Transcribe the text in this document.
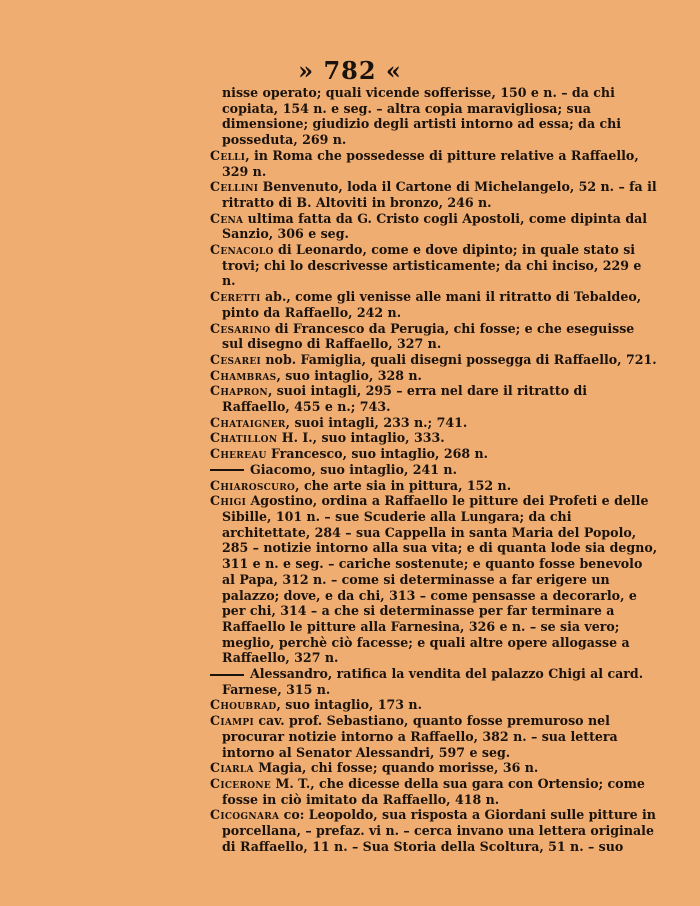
» 782 «
nisse operato; quali vicende sofferisse, 150 e n. – da chi copiata, 154 n. e seg. – altra copia maravigliosa; sua dimensione; giudizio degli artisti intorno ad essa; da chi posseduta, 269 n.
Celli, in Roma che possedesse di pitture relative a Raffaello, 329 n.
Cellini Benvenuto, loda il Cartone di Michelangelo, 52 n. – fa il ritratto di B. Altoviti in bronzo, 246 n.
Cena ultima fatta da G. Cristo cogli Apostoli, come dipinta dal Sanzio, 306 e seg.
Cenacolo di Leonardo, come e dove dipinto; in quale stato si trovi; chi lo descrivesse artisticamente; da chi inciso, 229 e n.
Ceretti ab., come gli venisse alle mani il ritratto di Tebaldeo, pinto da Raffaello, 242 n.
Cesarino di Francesco da Perugia, chi fosse; e che eseguisse sul disegno di Raffaello, 327 n.
Cesarei nob. Famiglia, quali disegni possegga di Raffaello, 721.
Chambras, suo intaglio, 328 n.
Chapron, suoi intagli, 295 – erra nel dare il ritratto di Raffaello, 455 e n.; 743.
Chataigner, suoi intagli, 233 n.; 741.
Chatillon H. I., suo intaglio, 333.
Chereau Francesco, suo intaglio, 268 n.
Giacomo, suo intaglio, 241 n.
Chiaroscuro, che arte sia in pittura, 152 n.
Chigi Agostino, ordina a Raffaello le pitture dei Profeti e delle Sibille, 101 n. – sue Scuderie alla Lungara; da chi architettate, 284 – sua Cappella in santa Maria del Popolo, 285 – notizie intorno alla sua vita; e di quanta lode sia degno, 311 e n. e seg. – cariche sostenute; e quanto fosse benevolo al Papa, 312 n. – come si determinasse a far erigere un palazzo; dove, e da chi, 313 – come pensasse a decorarlo, e per chi, 314 – a che si determinasse per far terminare a Raffaello le pitture alla Farnesina, 326 e n. – se sia vero; meglio, perchè ciò facesse; e quali altre opere allogasse a Raffaello, 327 n.
Alessandro, ratifica la vendita del palazzo Chigi al card. Farnese, 315 n.
Choubrad, suo intaglio, 173 n.
Ciampi cav. prof. Sebastiano, quanto fosse premuroso nel procurar notizie intorno a Raffaello, 382 n. – sua lettera intorno al Senator Alessandri, 597 e seg.
Ciarla Magia, chi fosse; quando morisse, 36 n.
Cicerone M. T., che dicesse della sua gara con Ortensio; come fosse in ciò imitato da Raffaello, 418 n.
Cicognara co: Leopoldo, sua risposta a Giordani sulle pitture in porcellana, – prefaz. vi n. – cerca invano una lettera originale di Raffaello, 11 n. – Sua Storia della Scoltura, 51 n. – suo
